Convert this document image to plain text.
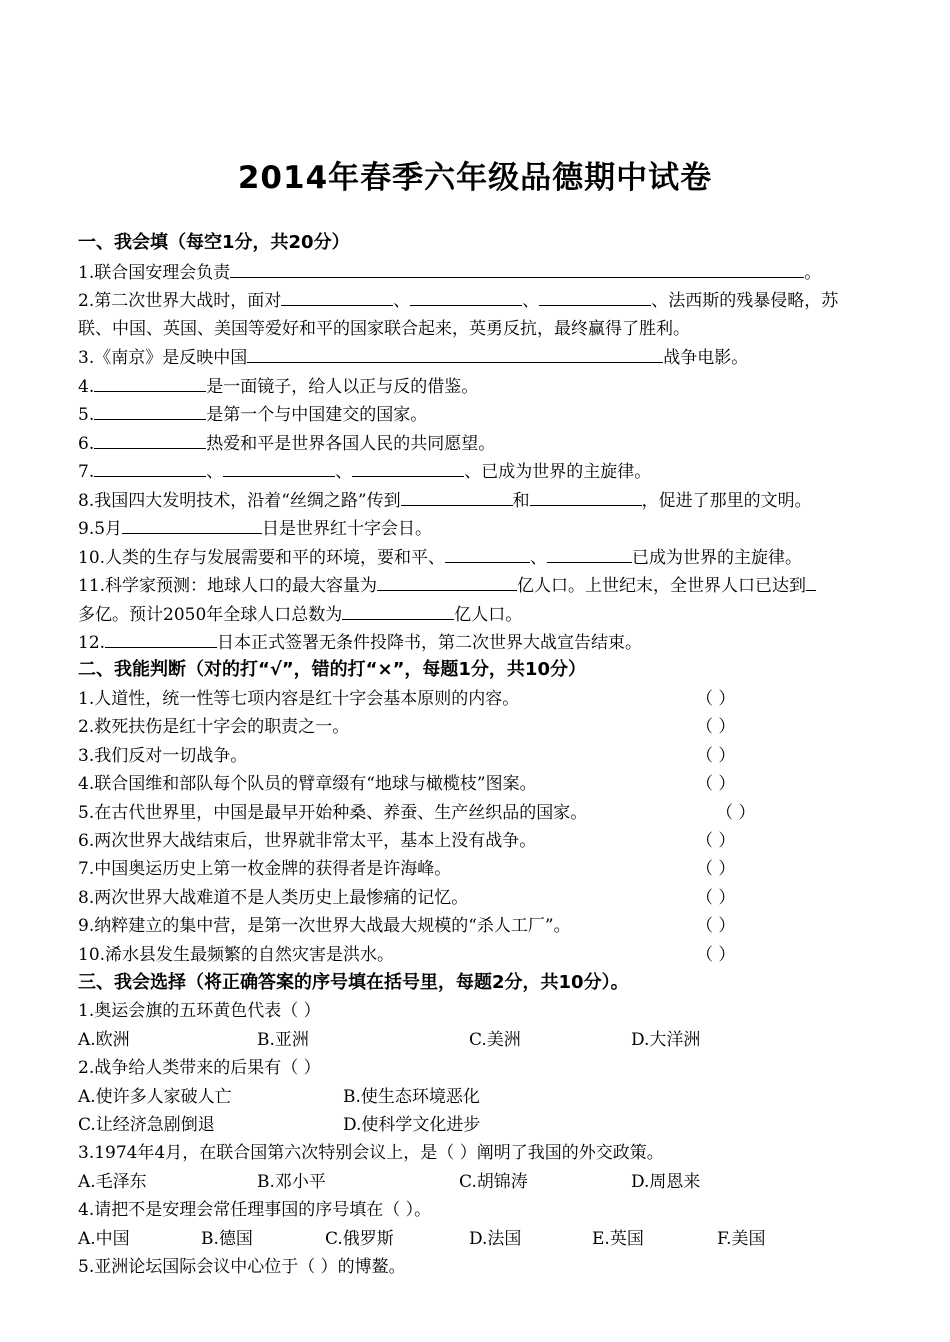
2014年春季六年级品德期中试卷
一、我会填（每空1分，共20分）
1.联合国安理会负责	。
2.第二次世界大战时，面对	、	、	、法西斯的残暴侵略，苏
联、中国、英国、美国等爱好和平的国家联合起来，英勇反抗，最终赢得了胜利。
3.《南京》是反映中国	战争电影。
4.	是一面镜子，给人以正与反的借鉴。
5.	是第一个与中国建交的国家。
6.	热爱和平是世界各国人民的共同愿望。
7.	、	、	、已成为世界的主旋律。
8.我国四大发明技术，沿着“丝绸之路”传到	和	，促进了那里的文明。
9.5月	日是世界红十字会日。
10.人类的生存与发展需要和平的环境，要和平、	、	已成为世界的主旋律。
11.科学家预测：地球人口的最大容量为	亿人口。上世纪末，全世界人口已达到
多亿。预计2050年全球人口总数为	亿人口。
12.	日本正式签署无条件投降书，第二次世界大战宣告结束。
二、我能判断（对的打“√”，错的打“×”，每题1分，共10分）
1.人道性，统一性等七项内容是红十字会基本原则的内容。	（ ）
2.救死扶伤是红十字会的职责之一。	（ ）
3.我们反对一切战争。	（ ）
4.联合国维和部队每个队员的臂章缀有“地球与橄榄枝”图案。	（ ）
5.在古代世界里，中国是最早开始种桑、养蚕、生产丝织品的国家。	（ ）
6.两次世界大战结束后，世界就非常太平，基本上没有战争。	（ ）
7.中国奥运历史上第一枚金牌的获得者是许海峰。	（ ）
8.两次世界大战难道不是人类历史上最惨痛的记忆。	（ ）
9.纳粹建立的集中营，是第一次世界大战最大规模的“杀人工厂”。	（ ）
10.浠水县发生最频繁的自然灾害是洪水。	（ ）
三、我会选择（将正确答案的序号填在括号里，每题2分，共10分）。
1.奥运会旗的五环黄色代表（ ）
A.欧洲	B.亚洲	C.美洲	D.大洋洲
2.战争给人类带来的后果有（ ）
A.使许多人家破人亡	B.使生态环境恶化
C.让经济急剧倒退	D.使科学文化进步
3.1974年4月，在联合国第六次特别会议上，是（ ）阐明了我国的外交政策。
A.毛泽东	B.邓小平	C.胡锦涛	D.周恩来
4.请把不是安理会常任理事国的序号填在（ ）。
A.中国	B.德国	C.俄罗斯	D.法国	E.英国	F.美国
5.亚洲论坛国际会议中心位于（ ）的博鳌。
